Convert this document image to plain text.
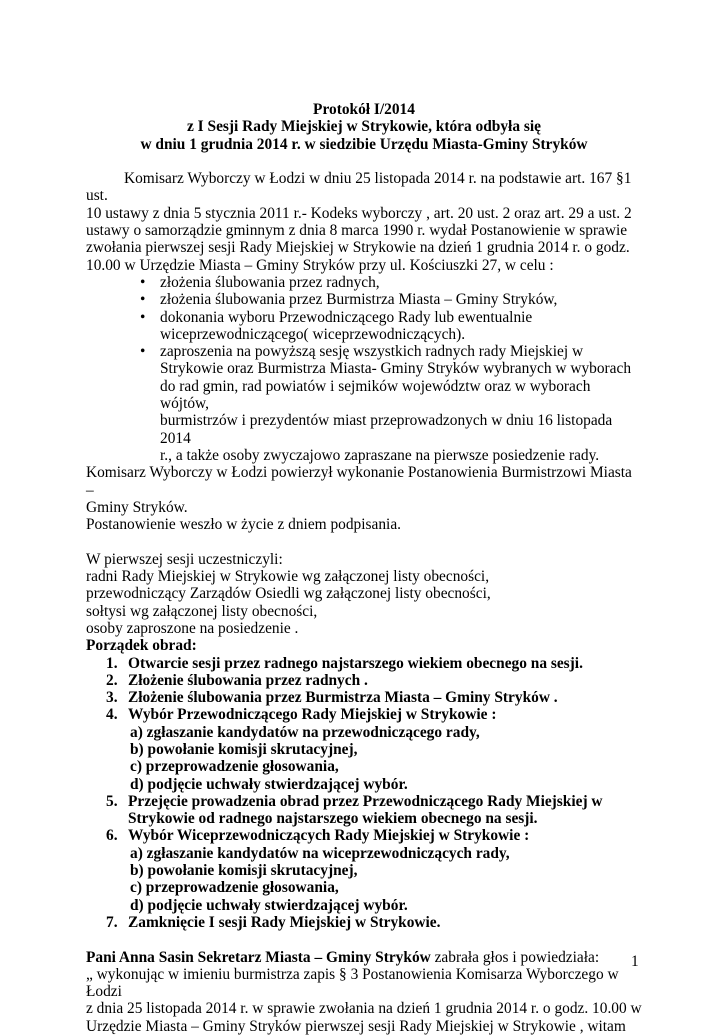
Protokół I/2014
z I Sesji Rady Miejskiej w Strykowie, która odbyła się
w dniu 1 grudnia 2014 r. w siedzibie Urzędu Miasta-Gminy Stryków
Komisarz Wyborczy w Łodzi w dniu 25 listopada 2014 r. na podstawie art. 167 §1 ust.
10 ustawy z dnia 5 stycznia 2011 r.- Kodeks wyborczy , art. 20 ust. 2 oraz art. 29 a ust. 2
ustawy o samorządzie gminnym z dnia 8 marca 1990 r. wydał Postanowienie w sprawie
zwołania pierwszej sesji Rady Miejskiej w Strykowie na dzień 1 grudnia 2014 r. o godz.
10.00 w Urzędzie Miasta – Gminy Stryków przy ul. Kościuszki 27, w celu :
• złożenia ślubowania przez radnych,
• złożenia ślubowania przez Burmistrza Miasta – Gminy Stryków,
• dokonania wyboru Przewodniczącego Rady lub ewentualnie
wiceprzewodniczącego( wiceprzewodniczących).
• zaproszenia na powyższą sesję wszystkich radnych rady Miejskiej w
Strykowie oraz Burmistrza Miasta- Gminy Stryków wybranych w wyborach
do rad gmin, rad powiatów i sejmików województw oraz w wyborach wójtów,
burmistrzów i prezydentów miast przeprowadzonych w dniu 16 listopada 2014
r., a także osoby zwyczajowo zapraszane na pierwsze posiedzenie rady.
Komisarz Wyborczy w Łodzi powierzył wykonanie Postanowienia Burmistrzowi Miasta –
Gminy Stryków.
Postanowienie weszło w życie z dniem podpisania.
W pierwszej sesji uczestniczyli:
radni Rady Miejskiej w Strykowie wg załączonej listy obecności,
przewodniczący Zarządów Osiedli wg załączonej listy obecności,
sołtysi wg załączonej listy obecności,
osoby zaproszone na posiedzenie .
Porządek obrad:
1. Otwarcie sesji przez radnego najstarszego wiekiem obecnego na sesji.
2. Złożenie ślubowania przez radnych .
3. Złożenie ślubowania przez Burmistrza Miasta – Gminy Stryków .
4. Wybór Przewodniczącego Rady Miejskiej w Strykowie :
a) zgłaszanie kandydatów na przewodniczącego rady,
b) powołanie komisji skrutacyjnej,
c) przeprowadzenie głosowania,
d) podjęcie uchwały stwierdzającej wybór.
5. Przejęcie prowadzenia obrad przez Przewodniczącego Rady Miejskiej w
Strykowie od radnego najstarszego wiekiem obecnego na sesji.
6. Wybór Wiceprzewodniczących Rady Miejskiej w Strykowie :
a) zgłaszanie kandydatów na wiceprzewodniczących rady,
b) powołanie komisji skrutacyjnej,
c) przeprowadzenie głosowania,
d) podjęcie uchwały stwierdzającej wybór.
7. Zamknięcie I sesji Rady Miejskiej w Strykowie.
Pani Anna Sasin Sekretarz Miasta – Gminy Stryków zabrała głos i powiedziała:
„ wykonując w imieniu burmistrza zapis § 3 Postanowienia Komisarza Wyborczego w Łodzi
z dnia 25 listopada 2014 r. w sprawie zwołania na dzień 1 grudnia 2014 r. o godz. 10.00 w
Urzędzie Miasta – Gminy Stryków pierwszej sesji Rady Miejskiej w Strykowie , witam
1
